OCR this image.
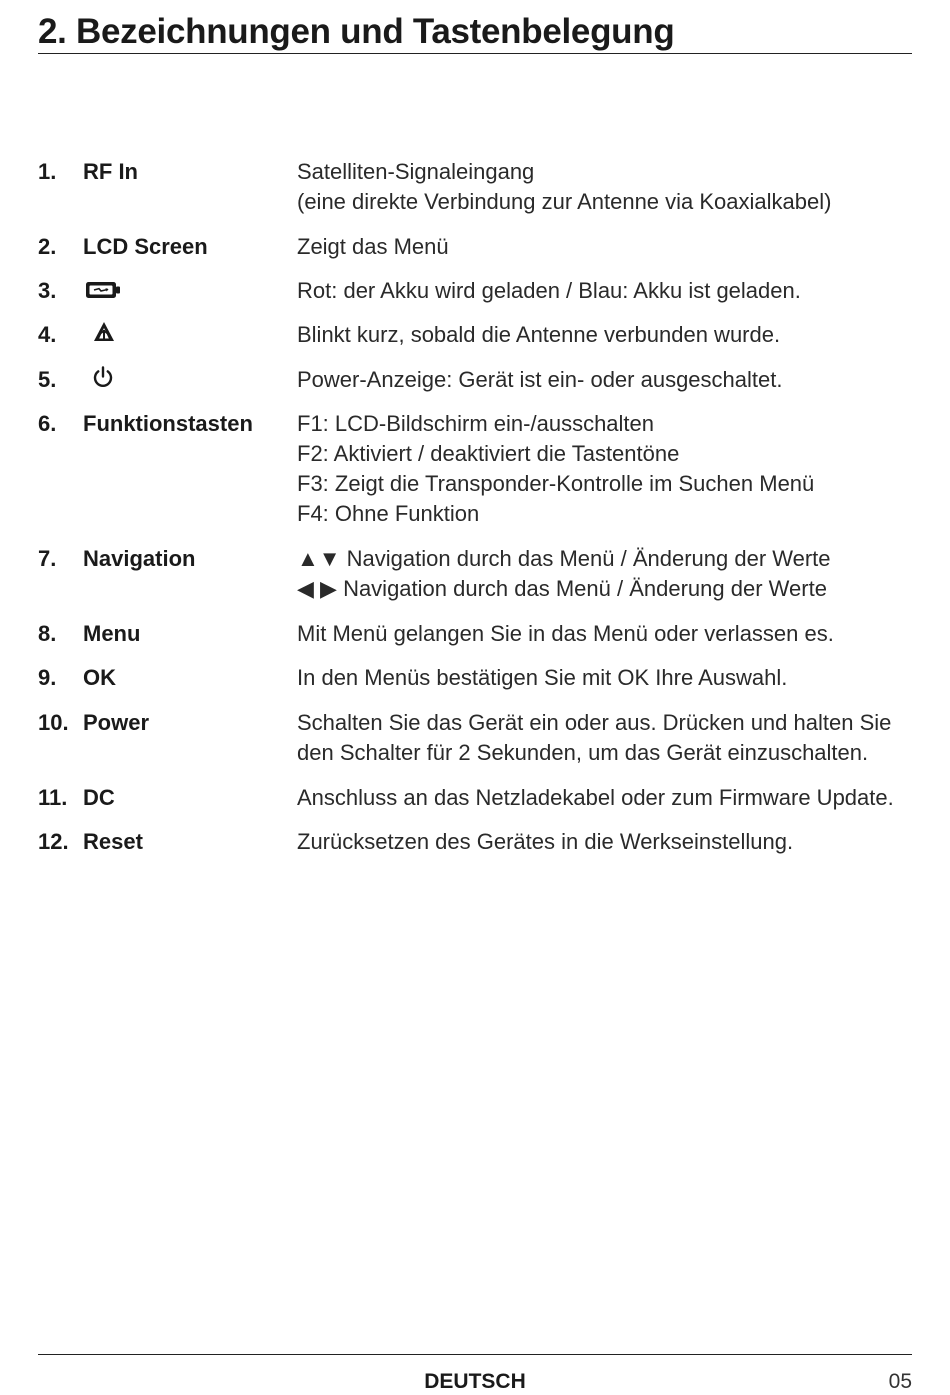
2. Bezeichnungen und Tastenbelegung
1. RF In	Satelliten-Signaleingang
(eine direkte Verbindung zur Antenne via Koaxialkabel)
2. LCD Screen	Zeigt das Menü
3.	Rot: der Akku wird geladen / Blau: Akku ist geladen.
4.	Blinkt kurz, sobald die Antenne verbunden wurde.
5.	Power-Anzeige: Gerät ist ein- oder ausgeschaltet.
6. Funktionstasten F1: LCD-Bildschirm ein-/ausschalten
F2: Aktiviert / deaktiviert die Tastentöne
F3: Zeigt die Transponder-Kontrolle im Suchen Menü
F4: Ohne Funktion
7. Navigation	▲▼ Navigation durch das Menü / Änderung der Werte
◀ ▶ Navigation durch das Menü / Änderung der Werte
8. Menu	Mit Menü gelangen Sie in das Menü oder verlassen es.
9. OK	In den Menüs bestätigen Sie mit OK Ihre Auswahl.
10. Power	Schalten Sie das Gerät ein oder aus. Drücken und halten Sie
den Schalter für 2 Sekunden, um das Gerät einzuschalten.
11. DC	Anschluss an das Netzladekabel oder zum Firmware Update.
12. Reset	Zurücksetzen des Gerätes in die Werkseinstellung.
DEUTSCH	05
